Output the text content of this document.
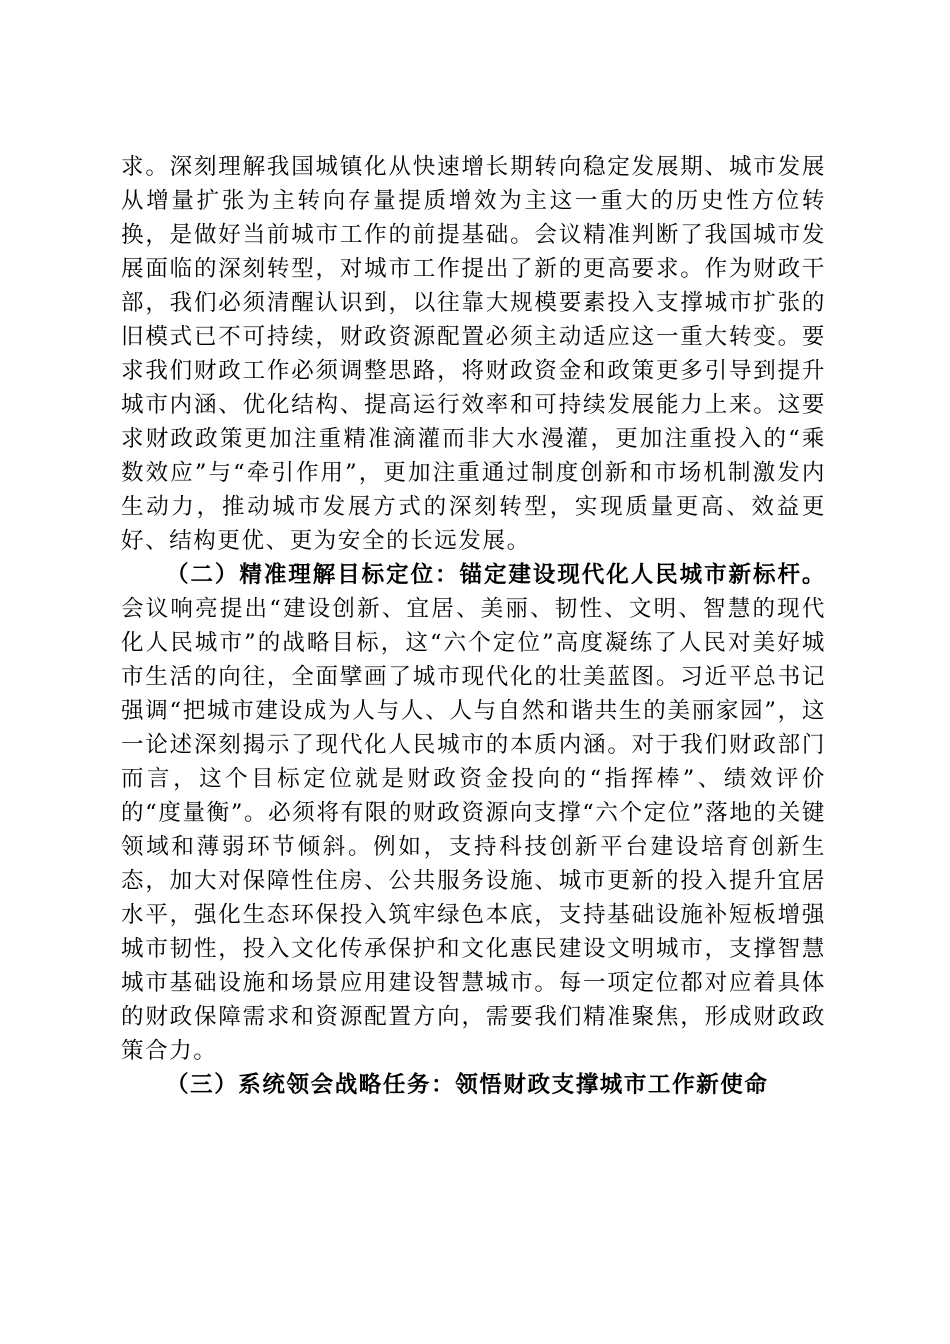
求。深刻理解我国城镇化从快速增长期转向稳定发展期、城市发展从增量扩张为主转向存量提质增效为主这一重大的历史性方位转换，是做好当前城市工作的前提基础。会议精准判断了我国城市发展面临的深刻转型，对城市工作提出了新的更高要求。作为财政干部，我们必须清醒认识到，以往靠大规模要素投入支撑城市扩张的旧模式已不可持续，财政资源配置必须主动适应这一重大转变。要求我们财政工作必须调整思路，将财政资金和政策更多引导到提升城市内涵、优化结构、提高运行效率和可持续发展能力上来。这要求财政政策更加注重精准滴灌而非大水漫灌，更加注重投入的“乘数效应”与“牵引作用”，更加注重通过制度创新和市场机制激发内生动力，推动城市发展方式的深刻转型，实现质量更高、效益更好、结构更优、更为安全的长远发展。

（二）精准理解目标定位：锚定建设现代化人民城市新标杆。会议响亮提出“建设创新、宜居、美丽、韧性、文明、智慧的现代化人民城市”的战略目标，这“六个定位”高度凝练了人民对美好城市生活的向往，全面擘画了城市现代化的壮美蓝图。习近平总书记强调“把城市建设成为人与人、人与自然和谐共生的美丽家园”，这一论述深刻揭示了现代化人民城市的本质内涵。对于我们财政部门而言，这个目标定位就是财政资金投向的“指挥棒”、绩效评价的“度量衡”。必须将有限的财政资源向支撑“六个定位”落地的关键领域和薄弱环节倾斜。例如，支持科技创新平台建设培育创新生态，加大对保障性住房、公共服务设施、城市更新的投入提升宜居水平，强化生态环保投入筑牢绿色本底，支持基础设施补短板增强城市韧性，投入文化传承保护和文化惠民建设文明城市，支撑智慧城市基础设施和场景应用建设智慧城市。每一项定位都对应着具体的财政保障需求和资源配置方向，需要我们精准聚焦，形成财政政策合力。

（三）系统领会战略任务：领悟财政支撑城市工作新使命
